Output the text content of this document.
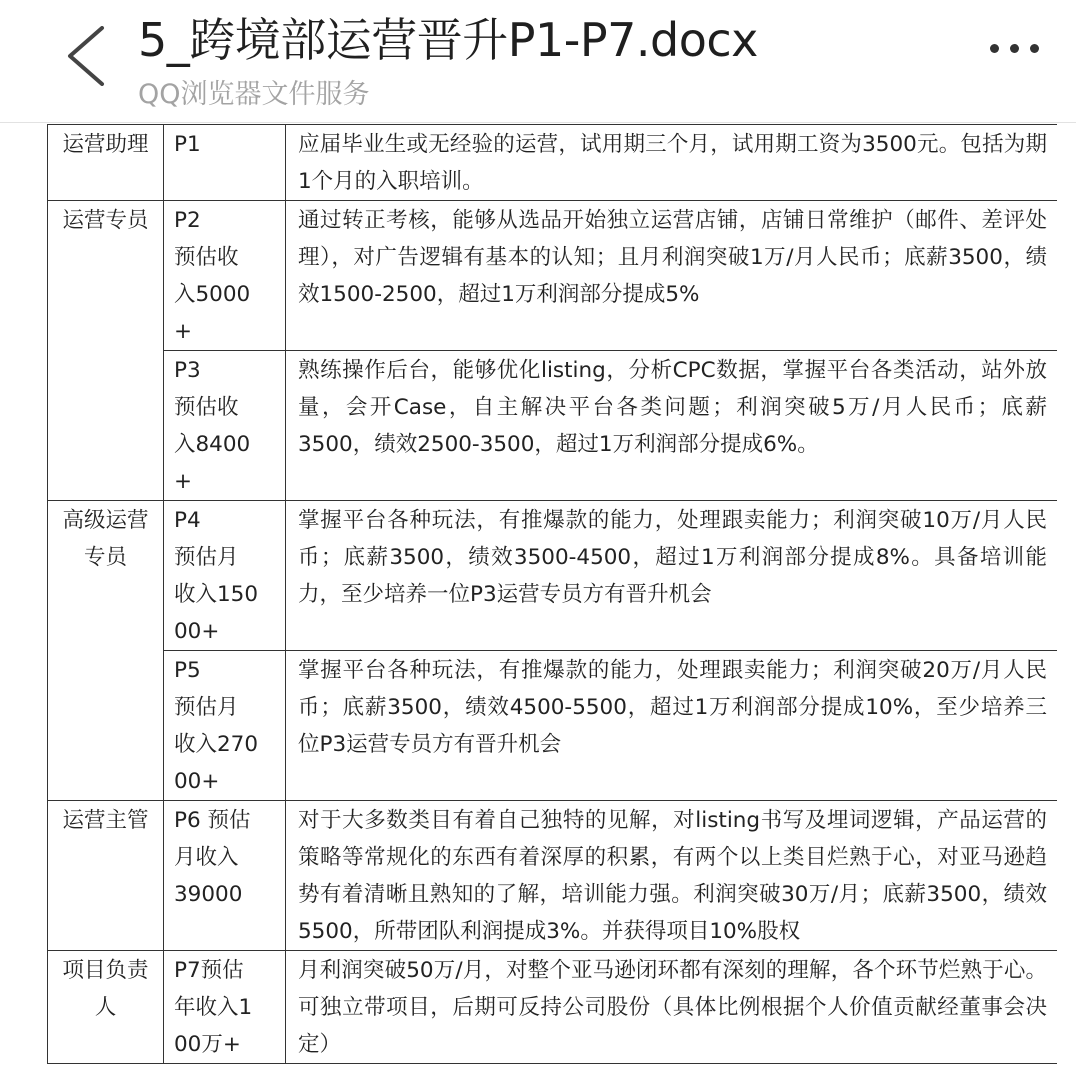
5_跨境部运营晋升P1-P7.docx
QQ浏览器文件服务
运营助理	P1	应届毕业生或无经验的运营，试用期三个月，试用期工资为3500元。包括为期1个月的入职培训。
运营专员	P2
预估收
入5000
+	通过转正考核，能够从选品开始独立运营店铺，店铺日常维护（邮件、差评处理），对广告逻辑有基本的认知；且月利润突破1万/月人民币；底薪3500，绩效1500-2500，超过1万利润部分提成5%

	P3
预估收
入8400
+	熟练操作后台，能够优化listing，分析CPC数据，掌握平台各类活动，站外放量，会开Case，自主解决平台各类问题；利润突破5万/月人民币；底薪3500，绩效2500-3500，超过1万利润部分提成6%。
高级运营专员	P4
预估月
收入150
00+	掌握平台各种玩法，有推爆款的能力，处理跟卖能力；利润突破10万/月人民币；底薪3500，绩效3500-4500，超过1万利润部分提成8%。具备培训能力，至少培养一位P3运营专员方有晋升机会

	P5
预估月
收入270
00+	掌握平台各种玩法，有推爆款的能力，处理跟卖能力；利润突破20万/月人民币；底薪3500，绩效4500-5500，超过1万利润部分提成10%，至少培养三位P3运营专员方有晋升机会
运营主管	P6 预估
月收入
39000	对于大多数类目有着自己独特的见解，对listing书写及埋词逻辑，产品运营的策略等常规化的东西有着深厚的积累，有两个以上类目烂熟于心，对亚马逊趋势有着清晰且熟知的了解，培训能力强。利润突破30万/月；底薪3500，绩效5500，所带团队利润提成3%。并获得项目10%股权
项目负责人	P7预估
年收入1
00万+	月利润突破50万/月，对整个亚马逊闭环都有深刻的理解，各个环节烂熟于心。可独立带项目，后期可反持公司股份（具体比例根据个人价值贡献经董事会决定）
